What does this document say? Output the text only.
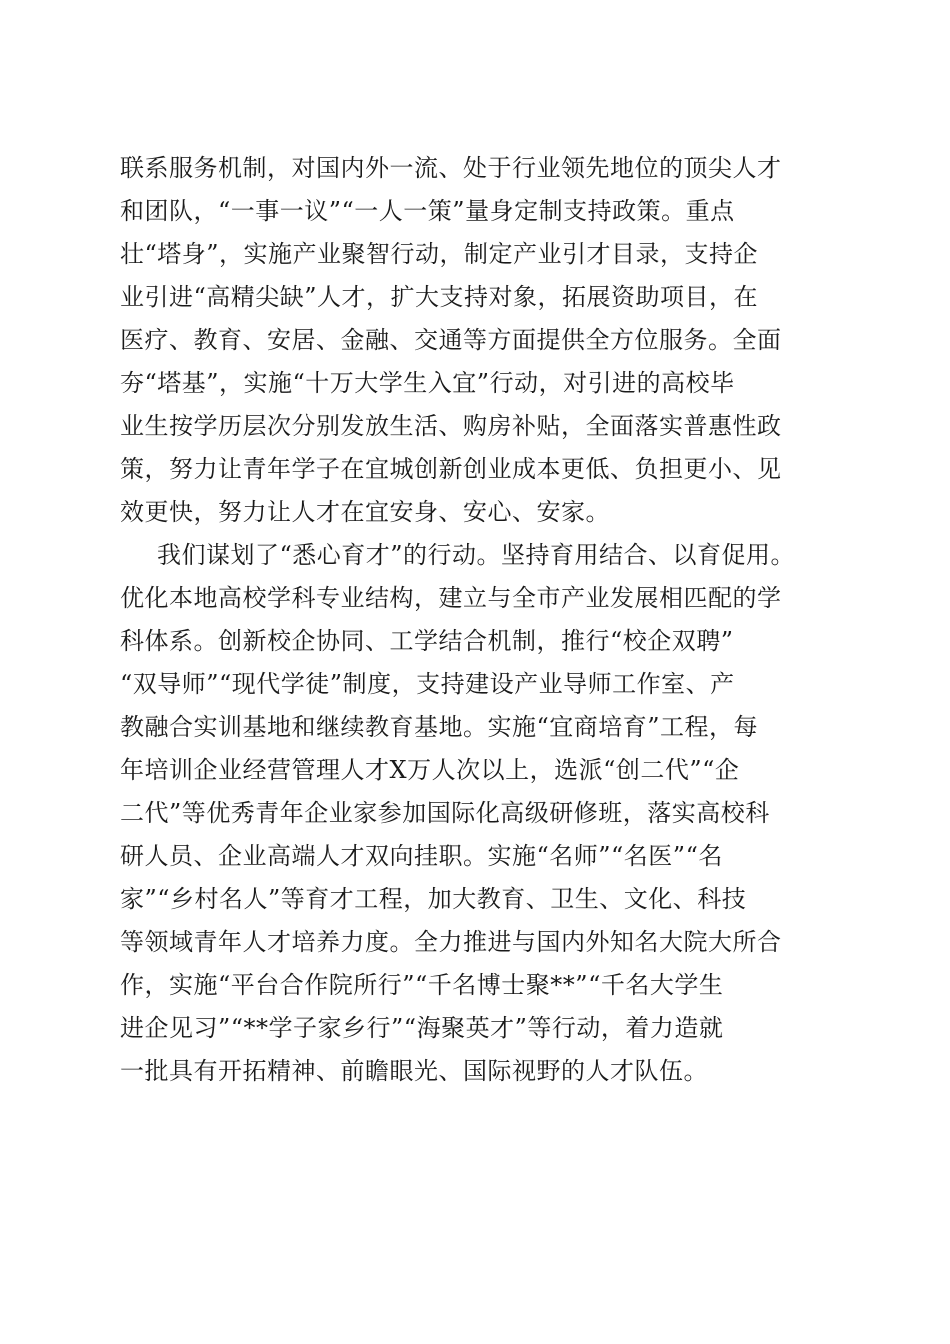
联系服务机制，对国内外一流、处于行业领先地位的顶尖人才
和团队，“一事一议”“一人一策”量身定制支持政策。重点
壮“塔身”，实施产业聚智行动，制定产业引才目录，支持企
业引进“高精尖缺”人才，扩大支持对象，拓展资助项目，在
医疗、教育、安居、金融、交通等方面提供全方位服务。全面
夯“塔基”，实施“十万大学生入宜”行动，对引进的高校毕
业生按学历层次分别发放生活、购房补贴，全面落实普惠性政
策，努力让青年学子在宜城创新创业成本更低、负担更小、见
效更快，努力让人才在宜安身、安心、安家。
我们谋划了“悉心育才”的行动。坚持育用结合、以育促用。
优化本地高校学科专业结构，建立与全市产业发展相匹配的学
科体系。创新校企协同、工学结合机制，推行“校企双聘”
“双导师”“现代学徒”制度，支持建设产业导师工作室、产
教融合实训基地和继续教育基地。实施“宜商培育”工程，每
年培训企业经营管理人才X万人次以上，选派“创二代”“企
二代”等优秀青年企业家参加国际化高级研修班，落实高校科
研人员、企业高端人才双向挂职。实施“名师”“名医”“名
家”“乡村名人”等育才工程，加大教育、卫生、文化、科技
等领域青年人才培养力度。全力推进与国内外知名大院大所合
作，实施“平台合作院所行”“千名博士聚**”“千名大学生
进企见习”“**学子家乡行”“海聚英才”等行动，着力造就
一批具有开拓精神、前瞻眼光、国际视野的人才队伍。
